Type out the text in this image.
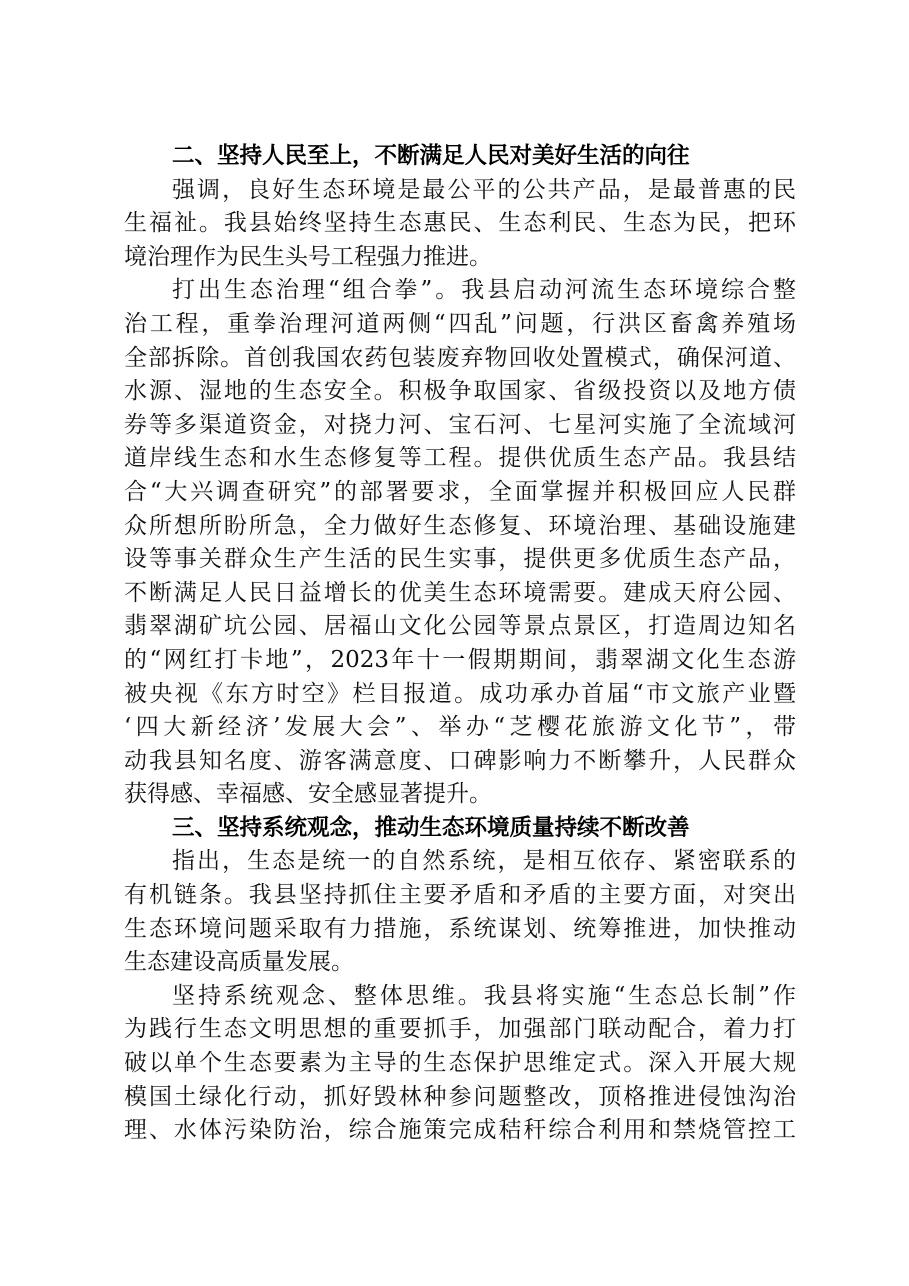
二、坚持人民至上，不断满足人民对美好生活的向往
强调，良好生态环境是最公平的公共产品，是最普惠的民
生福祉。我县始终坚持生态惠民、生态利民、生态为民，把环
境治理作为民生头号工程强力推进。
打出生态治理“组合拳”。我县启动河流生态环境综合整
治工程，重拳治理河道两侧“四乱”问题，行洪区畜禽养殖场
全部拆除。首创我国农药包装废弃物回收处置模式，确保河道、
水源、湿地的生态安全。积极争取国家、省级投资以及地方债
券等多渠道资金，对挠力河、宝石河、七星河实施了全流域河
道岸线生态和水生态修复等工程。提供优质生态产品。我县结
合“大兴调查研究”的部署要求，全面掌握并积极回应人民群
众所想所盼所急，全力做好生态修复、环境治理、基础设施建
设等事关群众生产生活的民生实事，提供更多优质生态产品，
不断满足人民日益增长的优美生态环境需要。建成天府公园、
翡翠湖矿坑公园、居福山文化公园等景点景区，打造周边知名
的“网红打卡地”，2023年十一假期期间，翡翠湖文化生态游
被央视《东方时空》栏目报道。成功承办首届“市文旅产业暨
‘四大新经济’发展大会”、举办“芝樱花旅游文化节”，带
动我县知名度、游客满意度、口碑影响力不断攀升，人民群众
获得感、幸福感、安全感显著提升。
三、坚持系统观念，推动生态环境质量持续不断改善
指出，生态是统一的自然系统，是相互依存、紧密联系的
有机链条。我县坚持抓住主要矛盾和矛盾的主要方面，对突出
生态环境问题采取有力措施，系统谋划、统筹推进，加快推动
生态建设高质量发展。
坚持系统观念、整体思维。我县将实施“生态总长制”作
为践行生态文明思想的重要抓手，加强部门联动配合，着力打
破以单个生态要素为主导的生态保护思维定式。深入开展大规
模国土绿化行动，抓好毁林种参问题整改，顶格推进侵蚀沟治
理、水体污染防治，综合施策完成秸秆综合利用和禁烧管控工
